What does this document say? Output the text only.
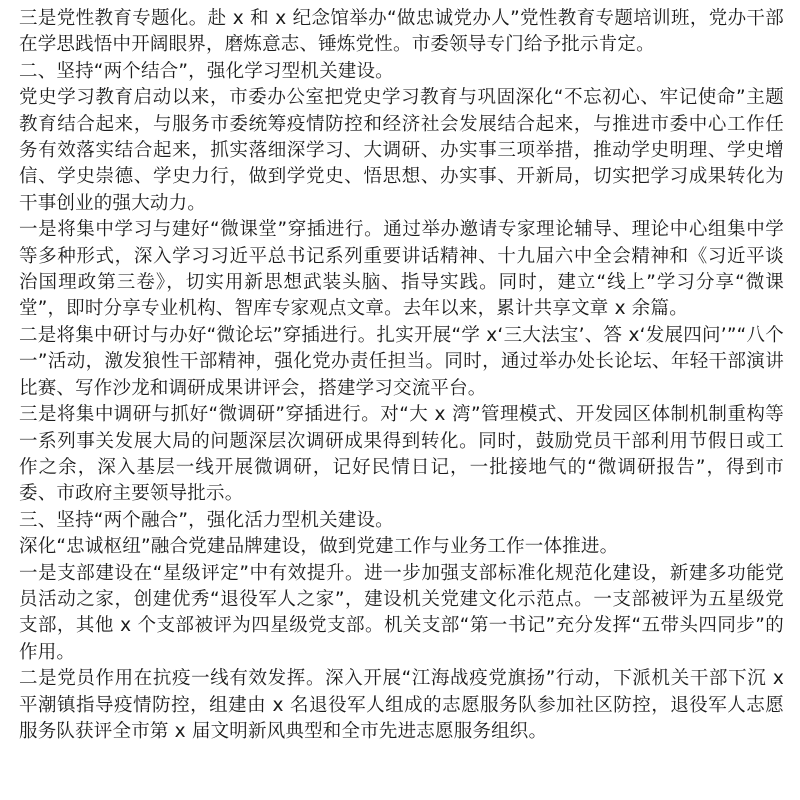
三是党性教育专题化。赴 x 和 x 纪念馆举办“做忠诚党办人”党性教育专题培训班，党办干部在学思践悟中开阔眼界，磨炼意志、锤炼党性。市委领导专门给予批示肯定。

二、坚持“两个结合”，强化学习型机关建设。

党史学习教育启动以来，市委办公室把党史学习教育与巩固深化“不忘初心、牢记使命”主题教育结合起来，与服务市委统筹疫情防控和经济社会发展结合起来，与推进市委中心工作任务有效落实结合起来，抓实落细深学习、大调研、办实事三项举措，推动学史明理、学史增信、学史崇德、学史力行，做到学党史、悟思想、办实事、开新局，切实把学习成果转化为干事创业的强大动力。

一是将集中学习与建好“微课堂”穿插进行。通过举办邀请专家理论辅导、理论中心组集中学等多种形式，深入学习习近平总书记系列重要讲话精神、十九届六中全会精神和《习近平谈治国理政第三卷》，切实用新思想武装头脑、指导实践。同时，建立“线上”学习分享“微课堂”，即时分享专业机构、智库专家观点文章。去年以来，累计共享文章 x 余篇。

二是将集中研讨与办好“微论坛”穿插进行。扎实开展“学 x‘三大法宝’、答 x‘发展四问’”“八个一”活动，激发狼性干部精神，强化党办责任担当。同时，通过举办处长论坛、年轻干部演讲比赛、写作沙龙和调研成果讲评会，搭建学习交流平台。

三是将集中调研与抓好“微调研”穿插进行。对“大 x 湾”管理模式、开发园区体制机制重构等一系列事关发展大局的问题深层次调研成果得到转化。同时，鼓励党员干部利用节假日或工作之余，深入基层一线开展微调研，记好民情日记，一批接地气的“微调研报告”，得到市委、市政府主要领导批示。

三、坚持“两个融合”，强化活力型机关建设。

深化“忠诚枢纽”融合党建品牌建设，做到党建工作与业务工作一体推进。

一是支部建设在“星级评定”中有效提升。进一步加强支部标准化规范化建设，新建多功能党员活动之家，创建优秀“退役军人之家”，建设机关党建文化示范点。一支部被评为五星级党支部，其他 x 个支部被评为四星级党支部。机关支部“第一书记”充分发挥“五带头四同步”的作用。

二是党员作用在抗疫一线有效发挥。深入开展“江海战疫党旗扬”行动，下派机关干部下沉 x 平潮镇指导疫情防控，组建由 x 名退役军人组成的志愿服务队参加社区防控，退役军人志愿服务队获评全市第 x 届文明新风典型和全市先进志愿服务组织。
